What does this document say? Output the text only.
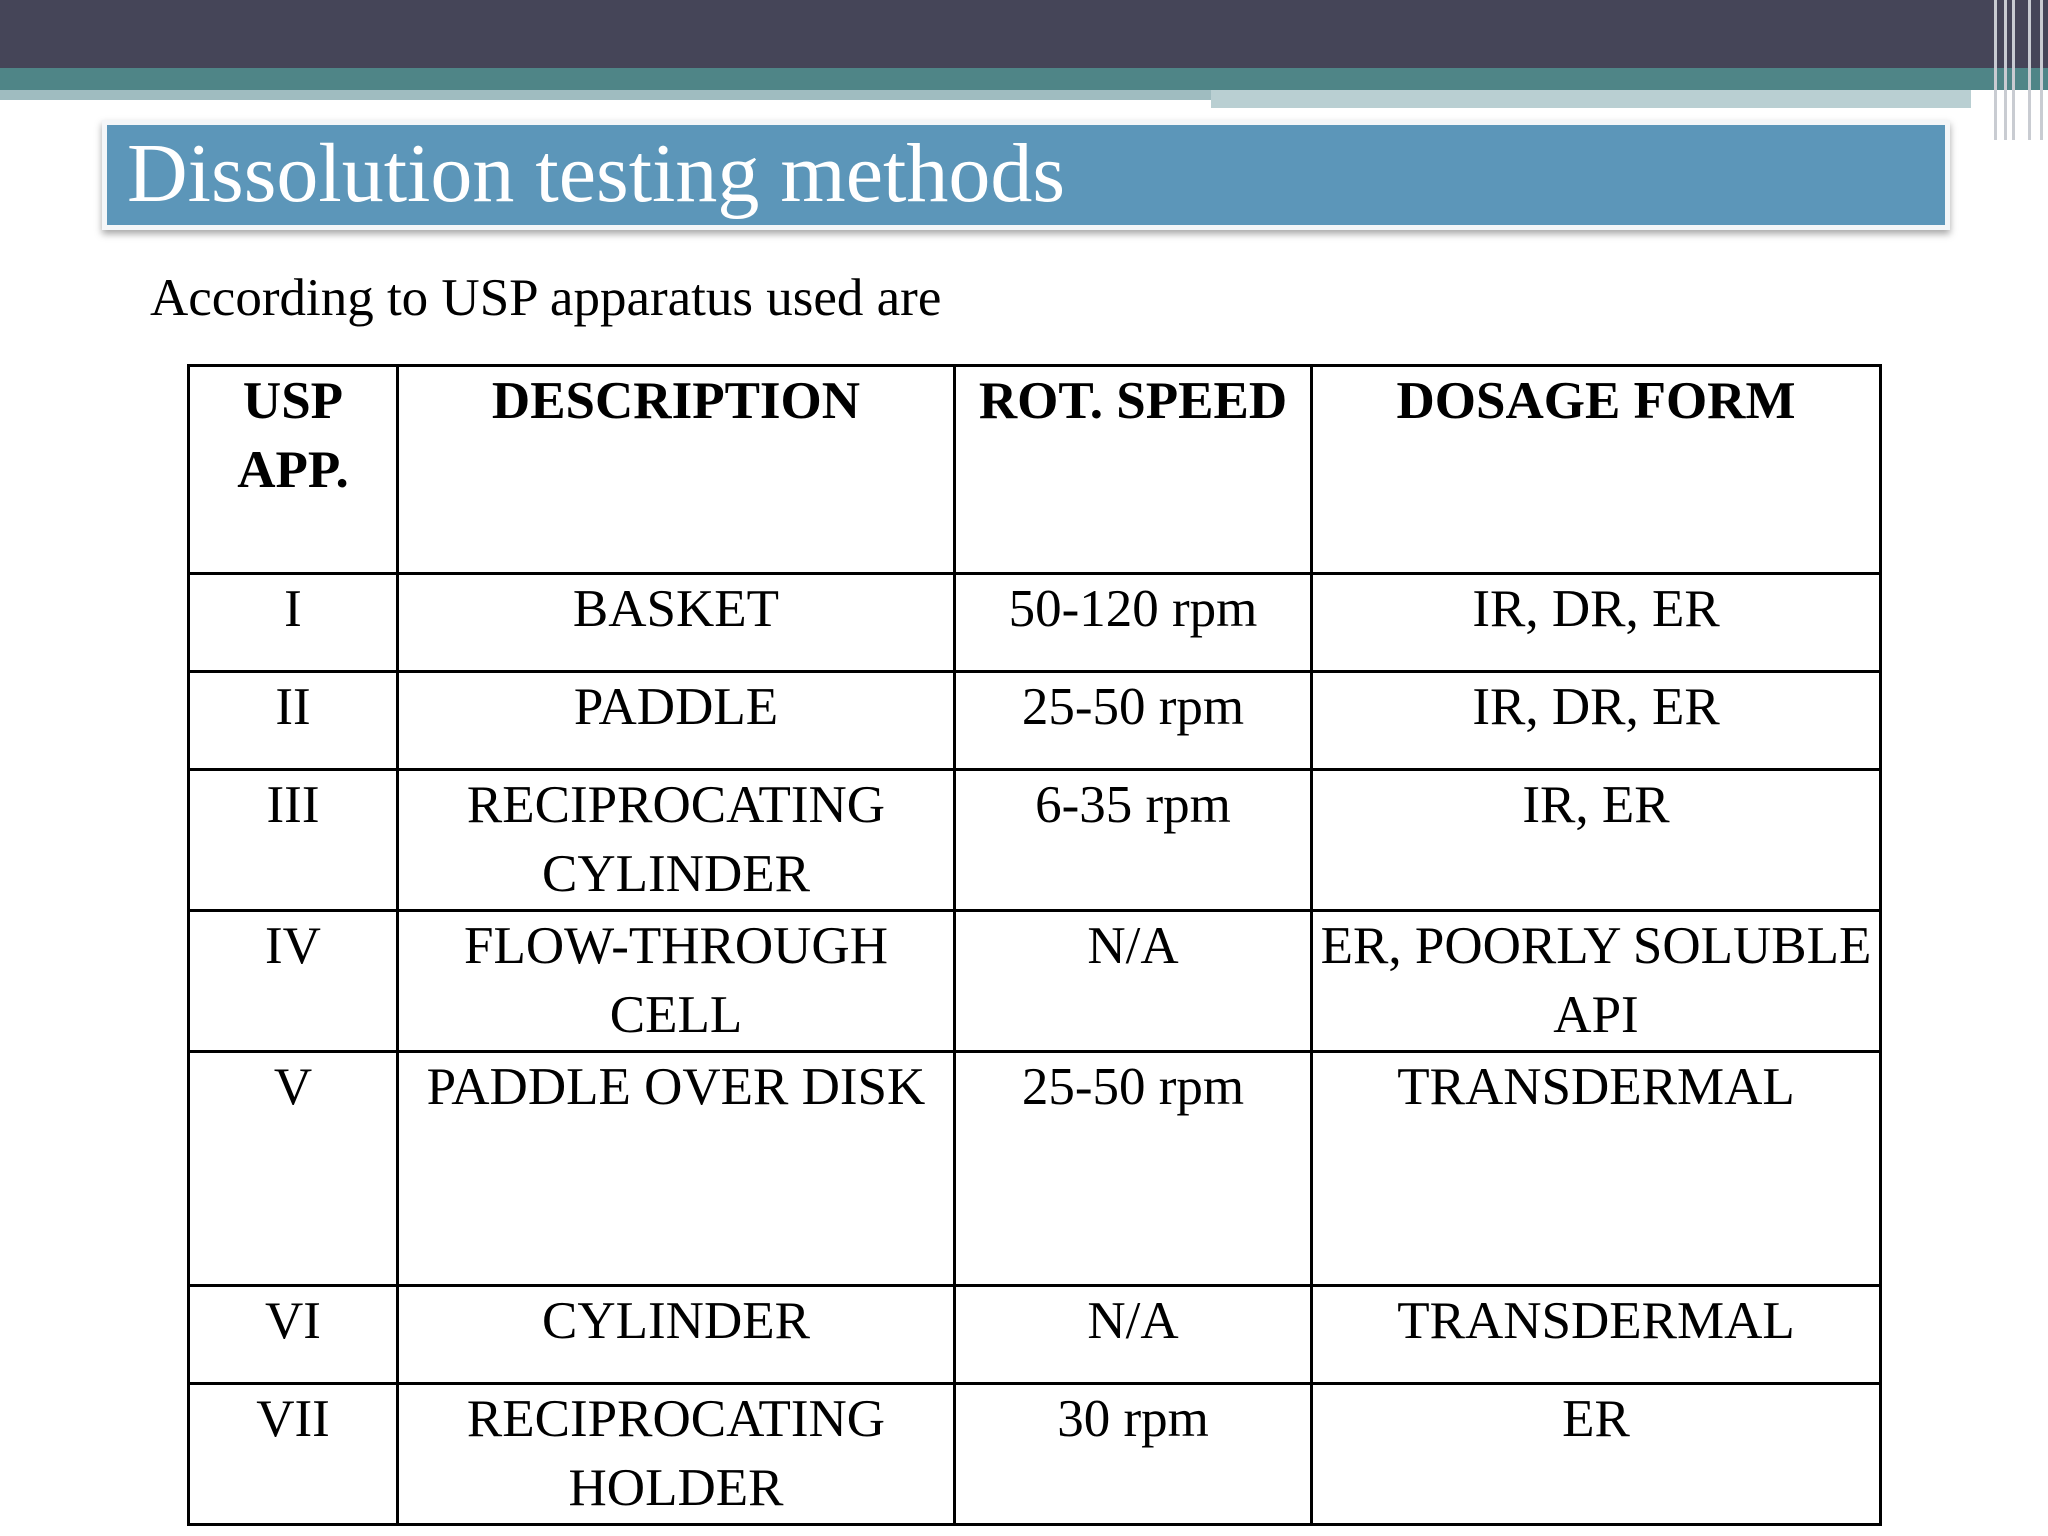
Dissolution testing methods
According to USP apparatus used are
USP APP.	DESCRIPTION	ROT. SPEED	DOSAGE FORM
I	BASKET	50-120 rpm	IR, DR, ER
II	PADDLE	25-50 rpm	IR, DR, ER
III	RECIPROCATING CYLINDER	6-35 rpm	IR, ER
IV	FLOW-THROUGH CELL	N/A	ER, POORLY SOLUBLE API
V	PADDLE OVER DISK	25-50 rpm	TRANSDERMAL
VI	CYLINDER	N/A	TRANSDERMAL
VII	RECIPROCATING HOLDER	30 rpm	ER
